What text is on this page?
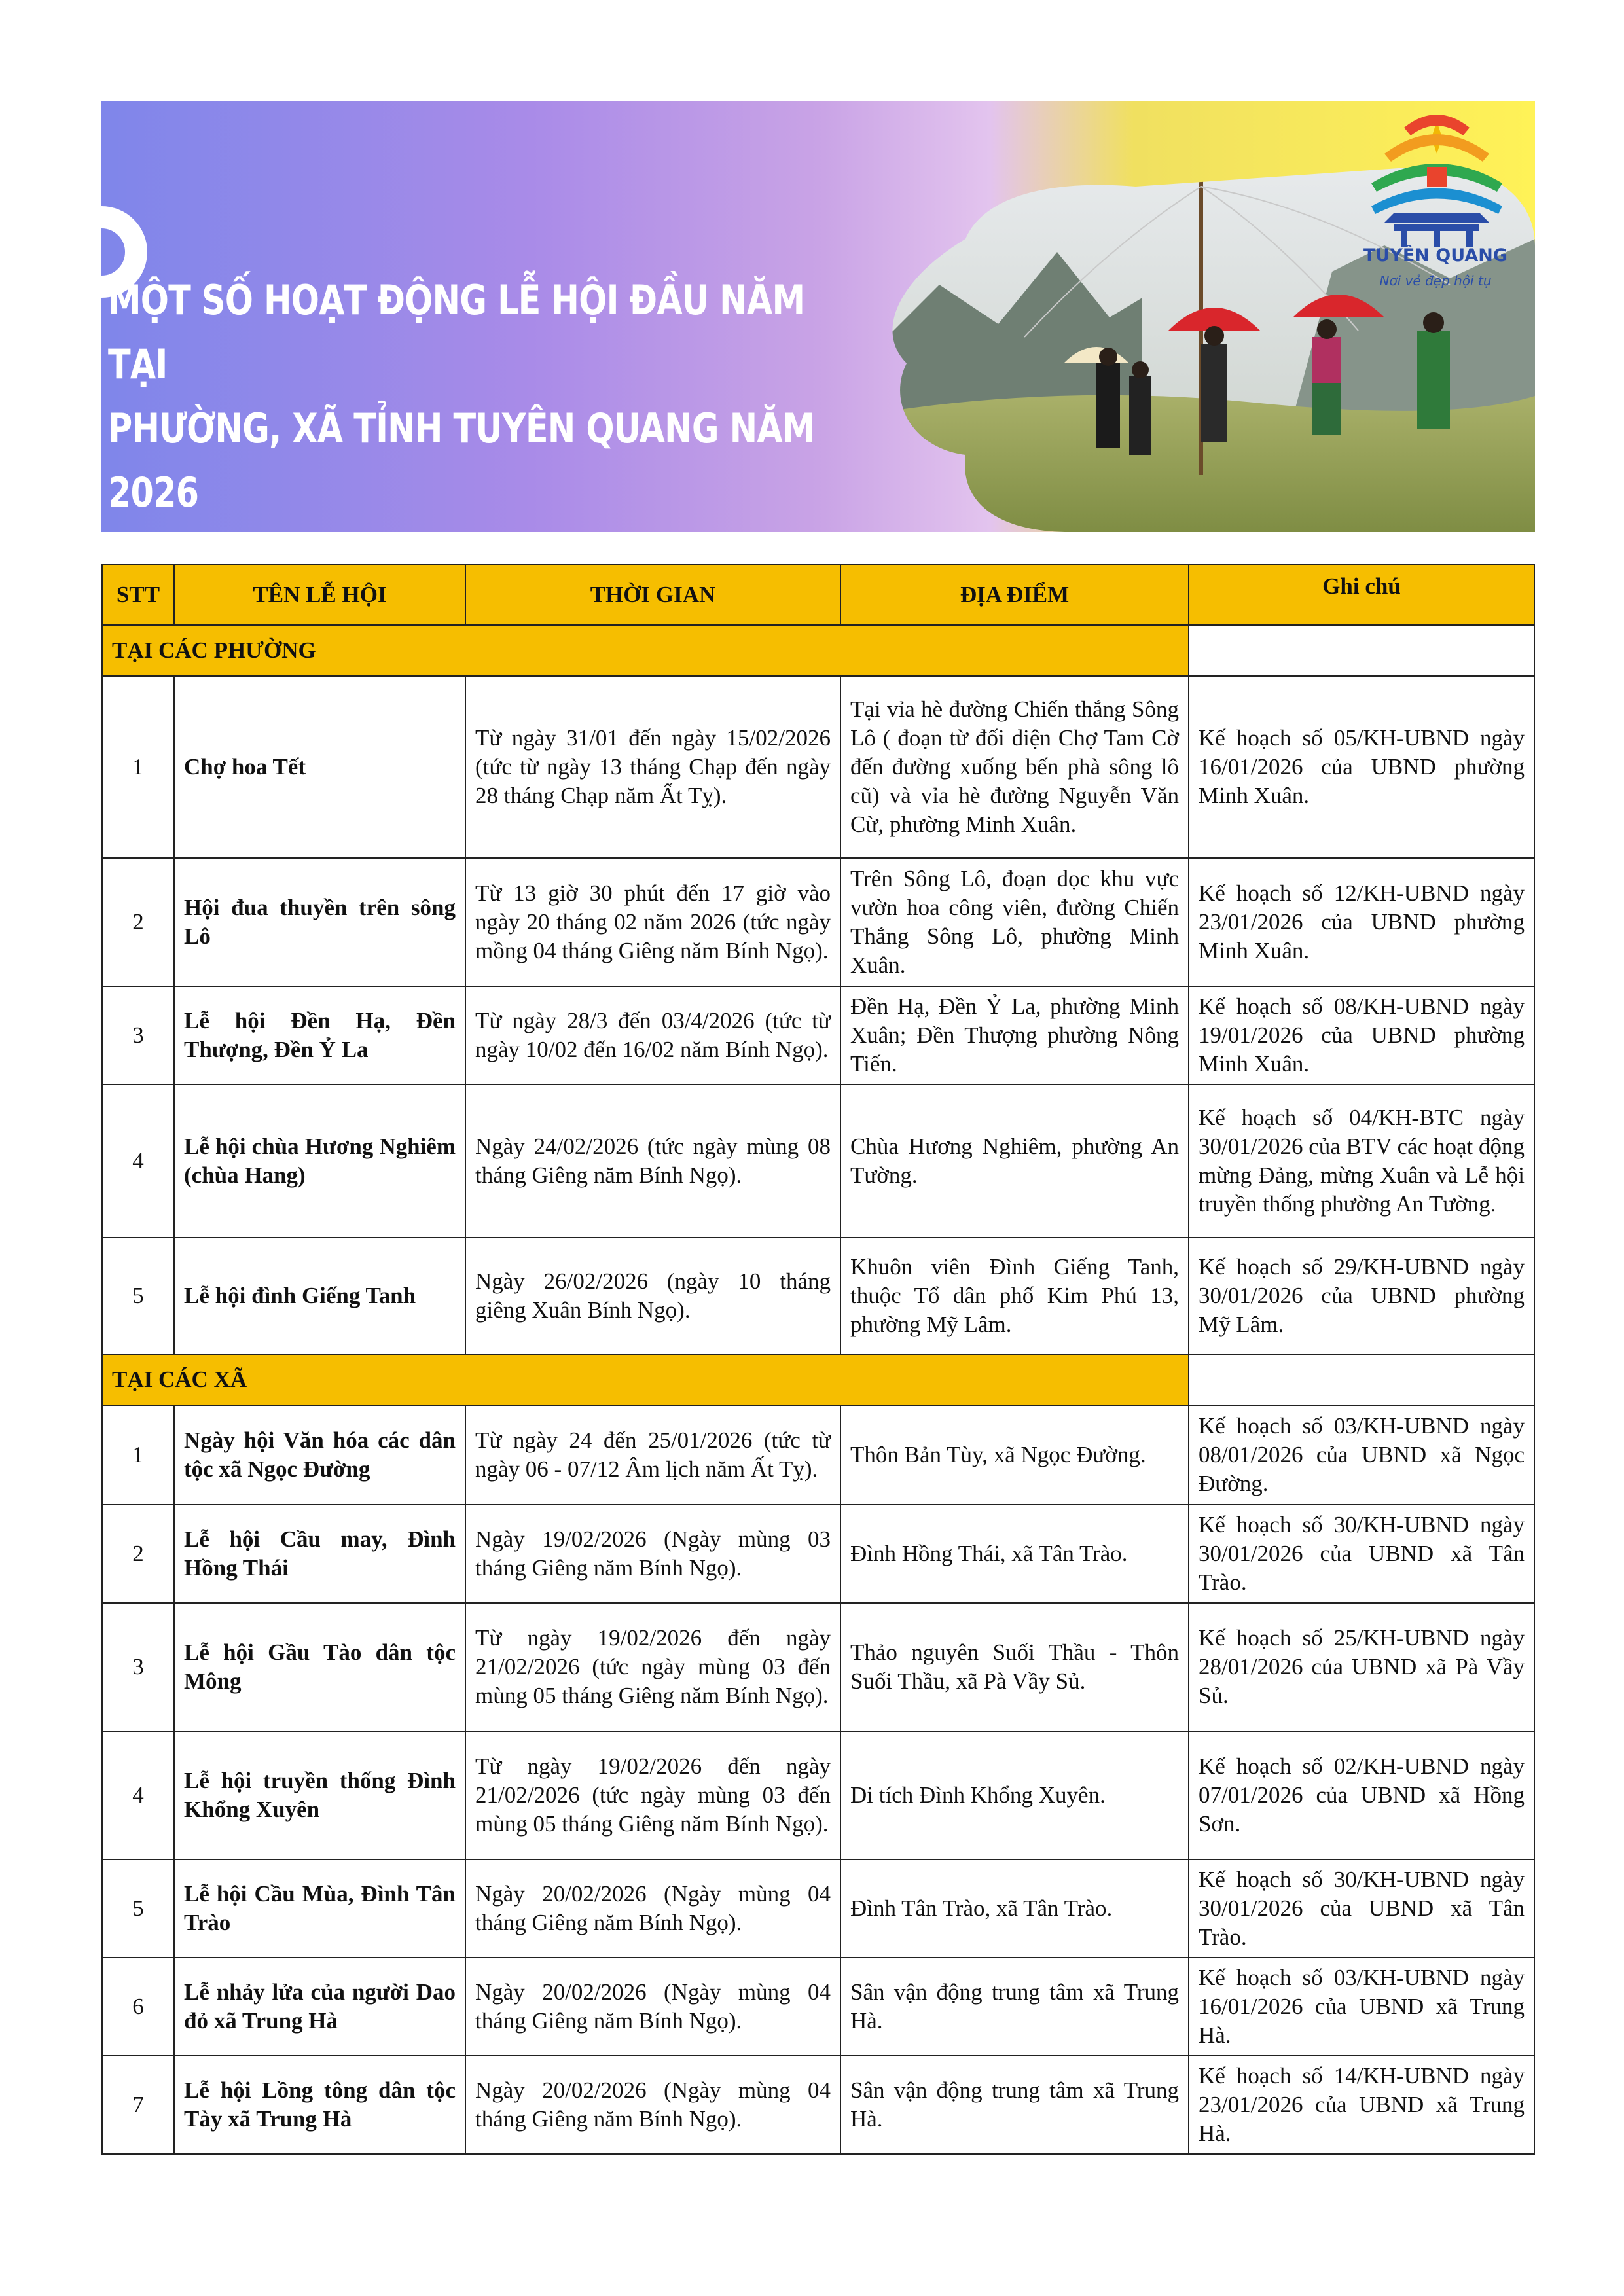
MỘT SỐ HOẠT ĐỘNG LỄ HỘI ĐẦU NĂM TẠI
PHƯỜNG, XÃ TỈNH TUYÊN QUANG NĂM 2026
TUYÊN QUANG
Nơi vẻ đẹp hội tụ
STT	TÊN LỄ HỘI	THỜI GIAN	ĐỊA ĐIỂM	Ghi chú
TẠI CÁC PHƯỜNG				
1	Chợ hoa Tết	Từ ngày 31/01 đến ngày 15/02/2026 (tức từ ngày 13 tháng Chạp đến ngày 28 tháng Chạp năm Ất Tỵ).	Tại vỉa hè đường Chiến thắng Sông Lô ( đoạn từ đối diện Chợ Tam Cờ đến đường xuống bến phà sông lô cũ) và vỉa hè đường Nguyễn Văn Cừ, phường Minh Xuân.	Kế hoạch số 05/KH-UBND ngày 16/01/2026 của UBND phường Minh Xuân.
2	Hội đua thuyền trên sông Lô	Từ 13 giờ 30 phút đến 17 giờ vào ngày 20 tháng 02 năm 2026 (tức ngày mồng 04 tháng Giêng năm Bính Ngọ).	Trên Sông Lô, đoạn dọc khu vực vườn hoa công viên, đường Chiến Thắng Sông Lô, phường Minh Xuân.	Kế hoạch số 12/KH-UBND ngày 23/01/2026 của UBND phường Minh Xuân.
3	Lễ hội Đền Hạ, Đền Thượng, Đền Ỷ La	Từ ngày 28/3 đến 03/4/2026 (tức từ ngày 10/02 đến 16/02 năm Bính Ngọ).	Đền Hạ, Đền Ỷ La, phường Minh Xuân; Đền Thượng phường Nông Tiến.	Kế hoạch số 08/KH-UBND ngày 19/01/2026 của UBND phường Minh Xuân.
4	Lễ hội chùa Hương Nghiêm (chùa Hang)	Ngày 24/02/2026 (tức ngày mùng 08 tháng Giêng năm Bính Ngọ).	Chùa Hương Nghiêm, phường An Tường.	Kế hoạch số 04/KH-BTC ngày 30/01/2026 của BTV các hoạt động mừng Đảng, mừng Xuân và Lễ hội truyền thống phường An Tường.
5	Lễ hội đình Giếng Tanh	Ngày 26/02/2026 (ngày 10 tháng giêng Xuân Bính Ngọ).	Khuôn viên Đình Giếng Tanh, thuộc Tổ dân phố Kim Phú 13, phường Mỹ Lâm.	Kế hoạch số 29/KH-UBND ngày 30/01/2026 của UBND phường Mỹ Lâm.
TẠI CÁC XÃ				
1	Ngày hội Văn hóa các dân tộc xã Ngọc Đường	Từ ngày 24 đến 25/01/2026 (tức từ ngày 06 - 07/12 Âm lịch năm Ất Tỵ).	Thôn Bản Tùy, xã Ngọc Đường.	Kế hoạch số 03/KH-UBND ngày 08/01/2026 của UBND xã Ngọc Đường.
2	Lễ hội Cầu may, Đình Hồng Thái	Ngày 19/02/2026 (Ngày mùng 03 tháng Giêng năm Bính Ngọ).	Đình Hồng Thái, xã Tân Trào.	Kế hoạch số 30/KH-UBND ngày 30/01/2026 của UBND xã Tân Trào.
3	Lễ hội Gầu Tào dân tộc Mông	Từ ngày 19/02/2026 đến ngày 21/02/2026 (tức ngày mùng 03 đến mùng 05 tháng Giêng năm Bính Ngọ).	Thảo nguyên Suối Thầu - Thôn Suối Thầu, xã Pà Vầy Sủ.	Kế hoạch số 25/KH-UBND ngày 28/01/2026 của UBND xã Pà Vầy Sủ.
4	Lễ hội truyền thống Đình Khổng Xuyên	Từ ngày 19/02/2026 đến ngày 21/02/2026 (tức ngày mùng 03 đến mùng 05 tháng Giêng năm Bính Ngọ).	Di tích Đình Khổng Xuyên.	Kế hoạch số 02/KH-UBND ngày 07/01/2026 của UBND xã Hồng Sơn.
5	Lễ hội Cầu Mùa, Đình Tân Trào	Ngày 20/02/2026 (Ngày mùng 04 tháng Giêng năm Bính Ngọ).	Đình Tân Trào, xã Tân Trào.	Kế hoạch số 30/KH-UBND ngày 30/01/2026 của UBND xã Tân Trào.
6	Lễ nhảy lửa của người Dao đỏ xã Trung Hà	Ngày 20/02/2026 (Ngày mùng 04 tháng Giêng năm Bính Ngọ).	Sân vận động trung tâm xã Trung Hà.	Kế hoạch số 03/KH-UBND ngày 16/01/2026 của UBND xã Trung Hà.
7	Lễ hội Lồng tông dân tộc Tày xã Trung Hà	Ngày 20/02/2026 (Ngày mùng 04 tháng Giêng năm Bính Ngọ).	Sân vận động trung tâm xã Trung Hà.	Kế hoạch số 14/KH-UBND ngày 23/01/2026 của UBND xã Trung Hà.
